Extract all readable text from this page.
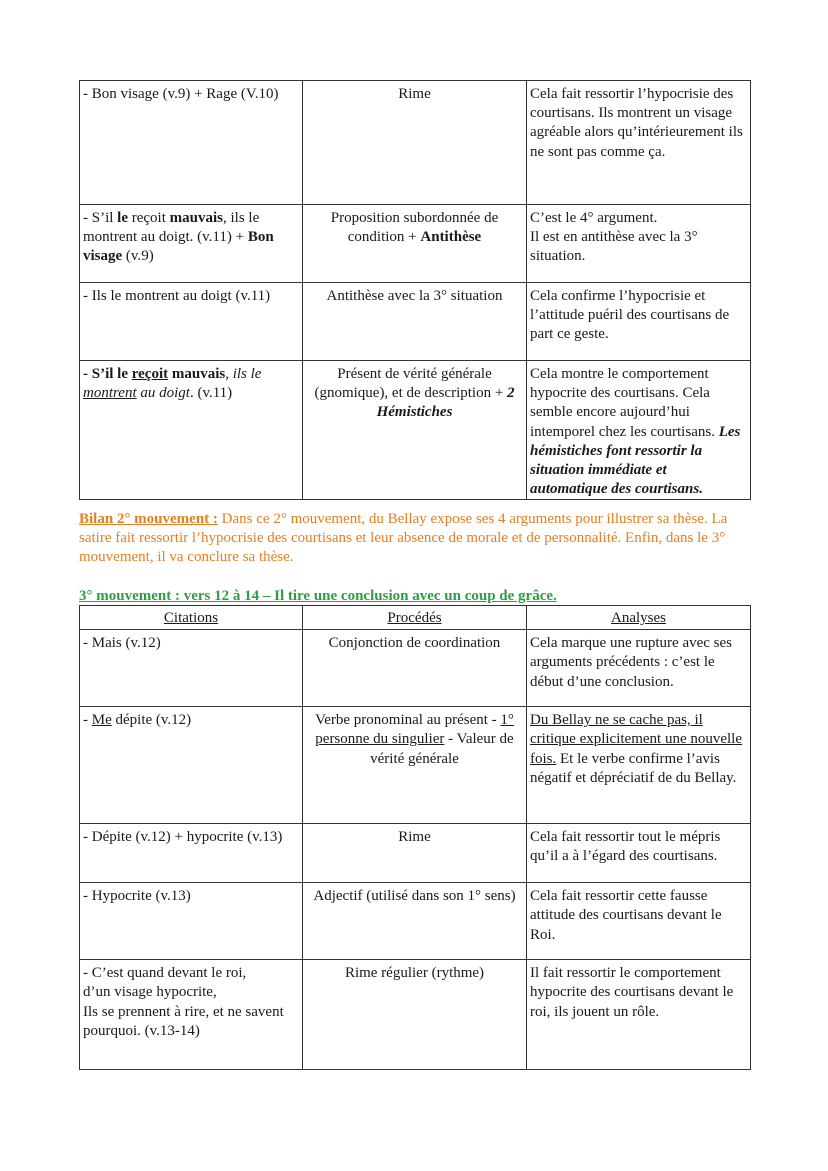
- Bon visage (v.9) + Rage (V.10)	Rime	Cela fait ressortir l’hypocrisie des courtisans. Ils montrent un visage agréable alors qu’intérieurement ils ne sont pas comme ça.
- S’il le reçoit mauvais, ils le montrent au doigt. (v.11) + Bon visage (v.9)	Proposition subordonnée de condition + Antithèse	C’est le 4° argument.
Il est en antithèse avec la 3° situation.

- Ils le montrent au doigt (v.11)	Antithèse avec la 3° situation	Cela confirme l’hypocrisie et l’attitude puéril des courtisans de part ce geste.
- S’il le reçoit mauvais, ils le montrent au doigt. (v.11)	Présent de vérité générale (gnomique), et de description + 2 Hémistiches	Cela montre le comportement hypocrite des courtisans. Cela semble encore aujourd’hui intemporel chez les courtisans. Les hémistiches font ressortir la situation immédiate et automatique des courtisans.
Bilan 2° mouvement : Dans ce 2° mouvement, du Bellay expose ses 4 arguments pour illustrer sa thèse. La satire fait ressortir l’hypocrisie des courtisans et leur absence de morale et de personnalité. Enfin, dans le 3° mouvement, il va conclure sa thèse.
3° mouvement : vers 12 à 14 – Il tire une conclusion avec un coup de grâce.
Citations	Procédés	Analyses
- Mais (v.12)	Conjonction de coordination	Cela marque une rupture avec ses arguments précédents : c’est le début d’une conclusion.
- Me dépite (v.12)	Verbe pronominal au présent - 1° personne du singulier - Valeur de vérité générale	Du Bellay ne se cache pas, il critique explicitement une nouvelle fois. Et le verbe confirme l’avis négatif et dépréciatif de du Bellay.
- Dépite (v.12) + hypocrite (v.13)	Rime	Cela fait ressortir tout le mépris qu’il a à l’égard des courtisans.
- Hypocrite (v.13)	Adjectif (utilisé dans son 1° sens)	Cela fait ressortir cette fausse attitude des courtisans devant le Roi.

- C’est quand devant le roi,
d’un visage hypocrite,
Ils se prennent à rire, et ne savent pourquoi. (v.13-14)	Rime régulier (rythme)	Il fait ressortir le comportement hypocrite des courtisans devant le roi, ils jouent un rôle.
